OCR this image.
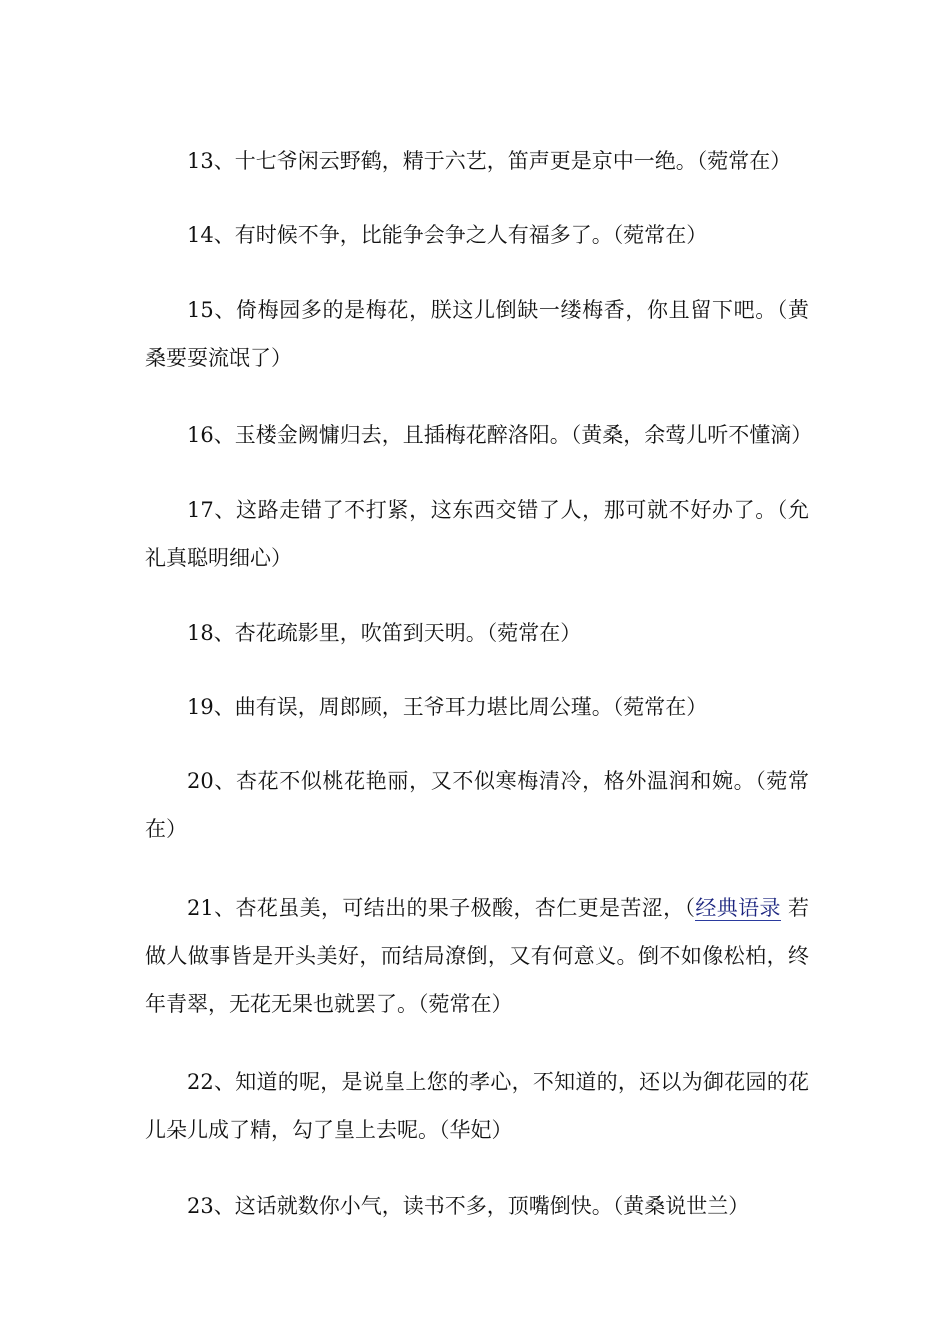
13、十七爷闲云野鹤，精于六艺，笛声更是京中一绝。（菀常在）

14、有时候不争，比能争会争之人有福多了。（菀常在）

15、倚梅园多的是梅花，朕这儿倒缺一缕梅香，你且留下吧。（黄桑要耍流氓了）

16、玉楼金阙慵归去，且插梅花醉洛阳。（黄桑，余莺儿听不懂滴）

17、这路走错了不打紧，这东西交错了人，那可就不好办了。（允礼真聪明细心）

18、杏花疏影里，吹笛到天明。（菀常在）

19、曲有误，周郎顾，王爷耳力堪比周公瑾。（菀常在）

20、杏花不似桃花艳丽，又不似寒梅清冷，格外温润和婉。（菀常在）

21、杏花虽美，可结出的果子极酸，杏仁更是苦涩，（经典语录 若做人做事皆是开头美好，而结局潦倒，又有何意义。倒不如像松柏，终年青翠，无花无果也就罢了。（菀常在）

22、知道的呢，是说皇上您的孝心，不知道的，还以为御花园的花儿朵儿成了精，勾了皇上去呢。（华妃）

23、这话就数你小气，读书不多，顶嘴倒快。（黄桑说世兰）
